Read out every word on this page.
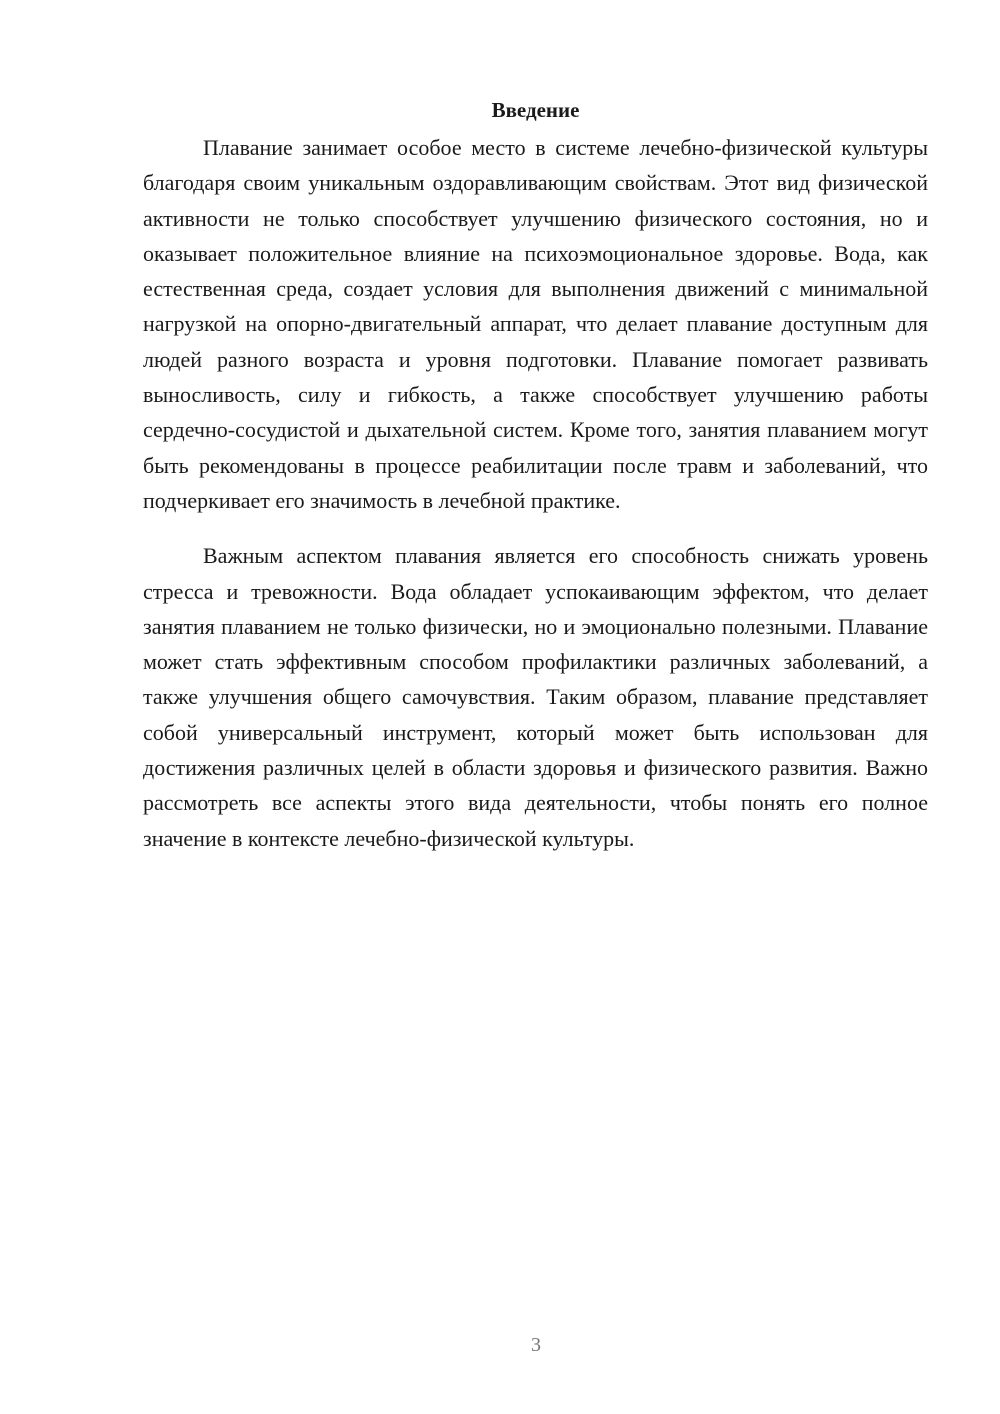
Введение

Плавание занимает особое место в системе лечебно-физической культуры благодаря своим уникальным оздоравливающим свойствам. Этот вид физической активности не только способствует улучшению физического состояния, но и оказывает положительное влияние на психоэмоциональное здоровье. Вода, как естественная среда, создает условия для выполнения движений с минимальной нагрузкой на опорно-двигательный аппарат, что делает плавание доступным для людей разного возраста и уровня подготовки. Плавание помогает развивать выносливость, силу и гибкость, а также способствует улучшению работы сердечно-сосудистой и дыхательной систем. Кроме того, занятия плаванием могут быть рекомендованы в процессе реабилитации после травм и заболеваний, что подчеркивает его значимость в лечебной практике.

Важным аспектом плавания является его способность снижать уровень стресса и тревожности. Вода обладает успокаивающим эффектом, что делает занятия плаванием не только физически, но и эмоционально полезными. Плавание может стать эффективным способом профилактики различных заболеваний, а также улучшения общего самочувствия. Таким образом, плавание представляет собой универсальный инструмент, который может быть использован для достижения различных целей в области здоровья и физического развития. Важно рассмотреть все аспекты этого вида деятельности, чтобы понять его полное значение в контексте лечебно-физической культуры.

3
